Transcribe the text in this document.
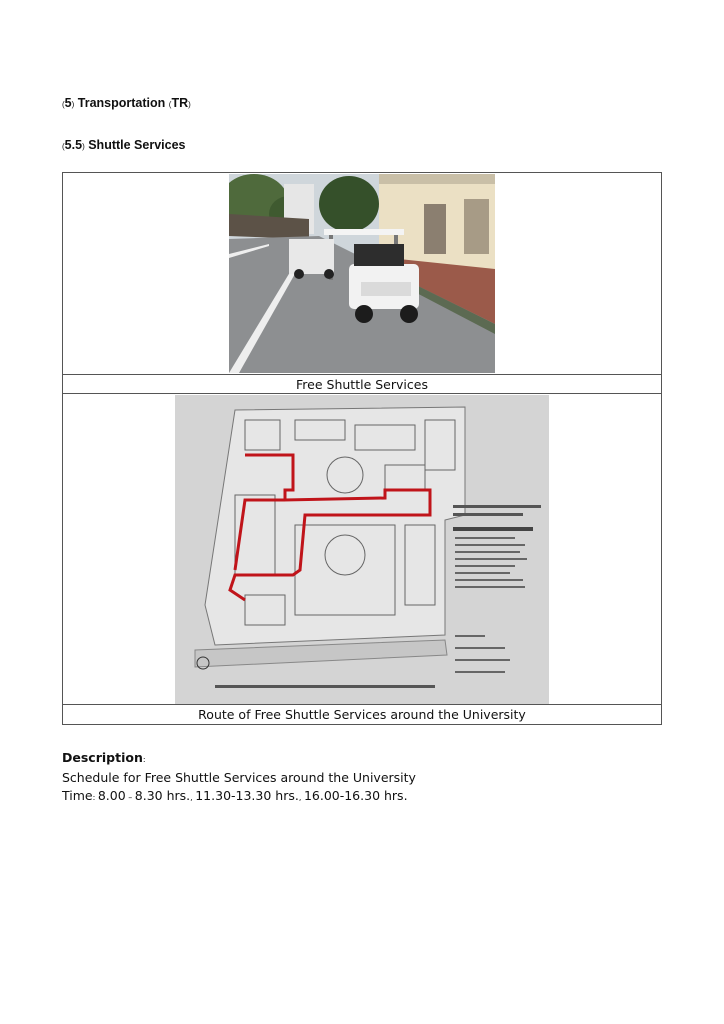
(5) Transportation (TR)
(5.5) Shuttle Services
Free Shuttle Services
Route of Free Shuttle Services around the University
Description:
Schedule for Free Shuttle Services around the University
Time: 8.00 – 8.30 hrs., 11.30-13.30 hrs., 16.00-16.30 hrs.
